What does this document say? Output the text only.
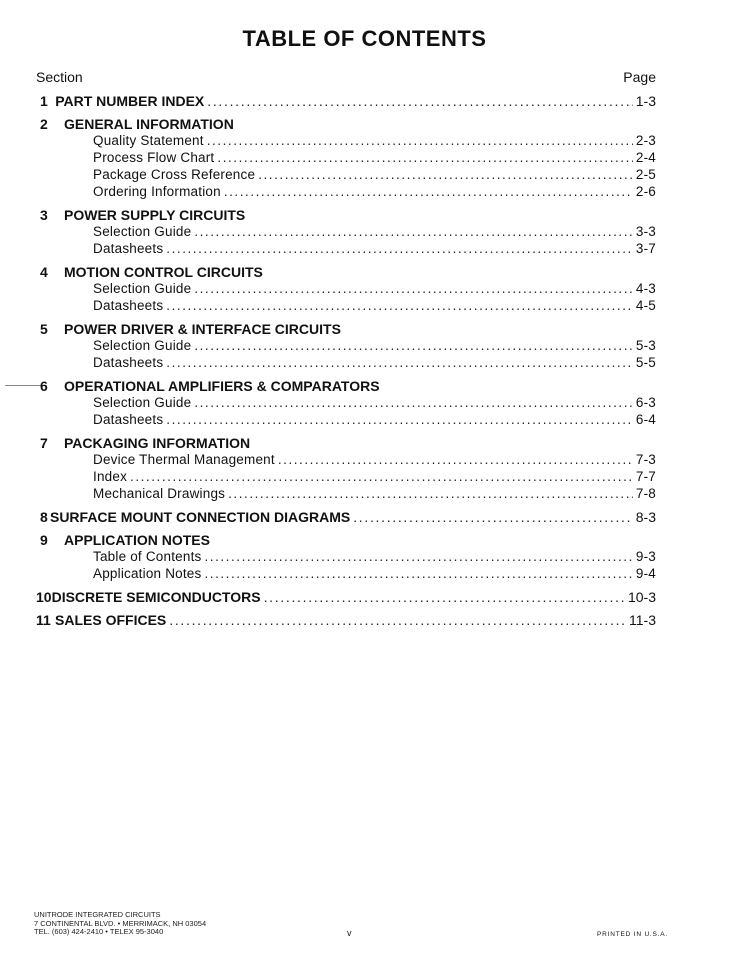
TABLE OF CONTENTS
Section	Page
1 PART NUMBER INDEX . . .	1-3
2	GENERAL INFORMATION
Quality Statement . . .	2-3
Process Flow Chart . . .	2-4
Package Cross Reference . . .	2-5
Ordering Information . . .	2-6
3	POWER SUPPLY CIRCUITS
Selection Guide . . .	3-3
Datasheets . . .	3-7
4	MOTION CONTROL CIRCUITS
Selection Guide . . .	4-3
Datasheets . . .	4-5
5	POWER DRIVER & INTERFACE CIRCUITS
Selection Guide . . .	5-3
Datasheets . . .	5-5
6	OPERATIONAL AMPLIFIERS & COMPARATORS
Selection Guide . . .	6-3
Datasheets . . .	6-4
7	PACKAGING INFORMATION
Device Thermal Management . . .	7-3
Index . . .	7-7
Mechanical Drawings . . .	7-8
8 SURFACE MOUNT CONNECTION DIAGRAMS . . .	8-3
9	APPLICATION NOTES
Table of Contents . . .	9-3
Application Notes . . .	9-4
10 DISCRETE SEMICONDUCTORS . . .	10-3
11 SALES OFFICES . . .	11-3
UNITRODE INTEGRATED CIRCUITS
7 CONTINENTAL BLVD. • MERRIMACK, NH 03054
TEL. (603) 424-2410 • TELEX 95-3040	v	PRINTED IN U.S.A.
